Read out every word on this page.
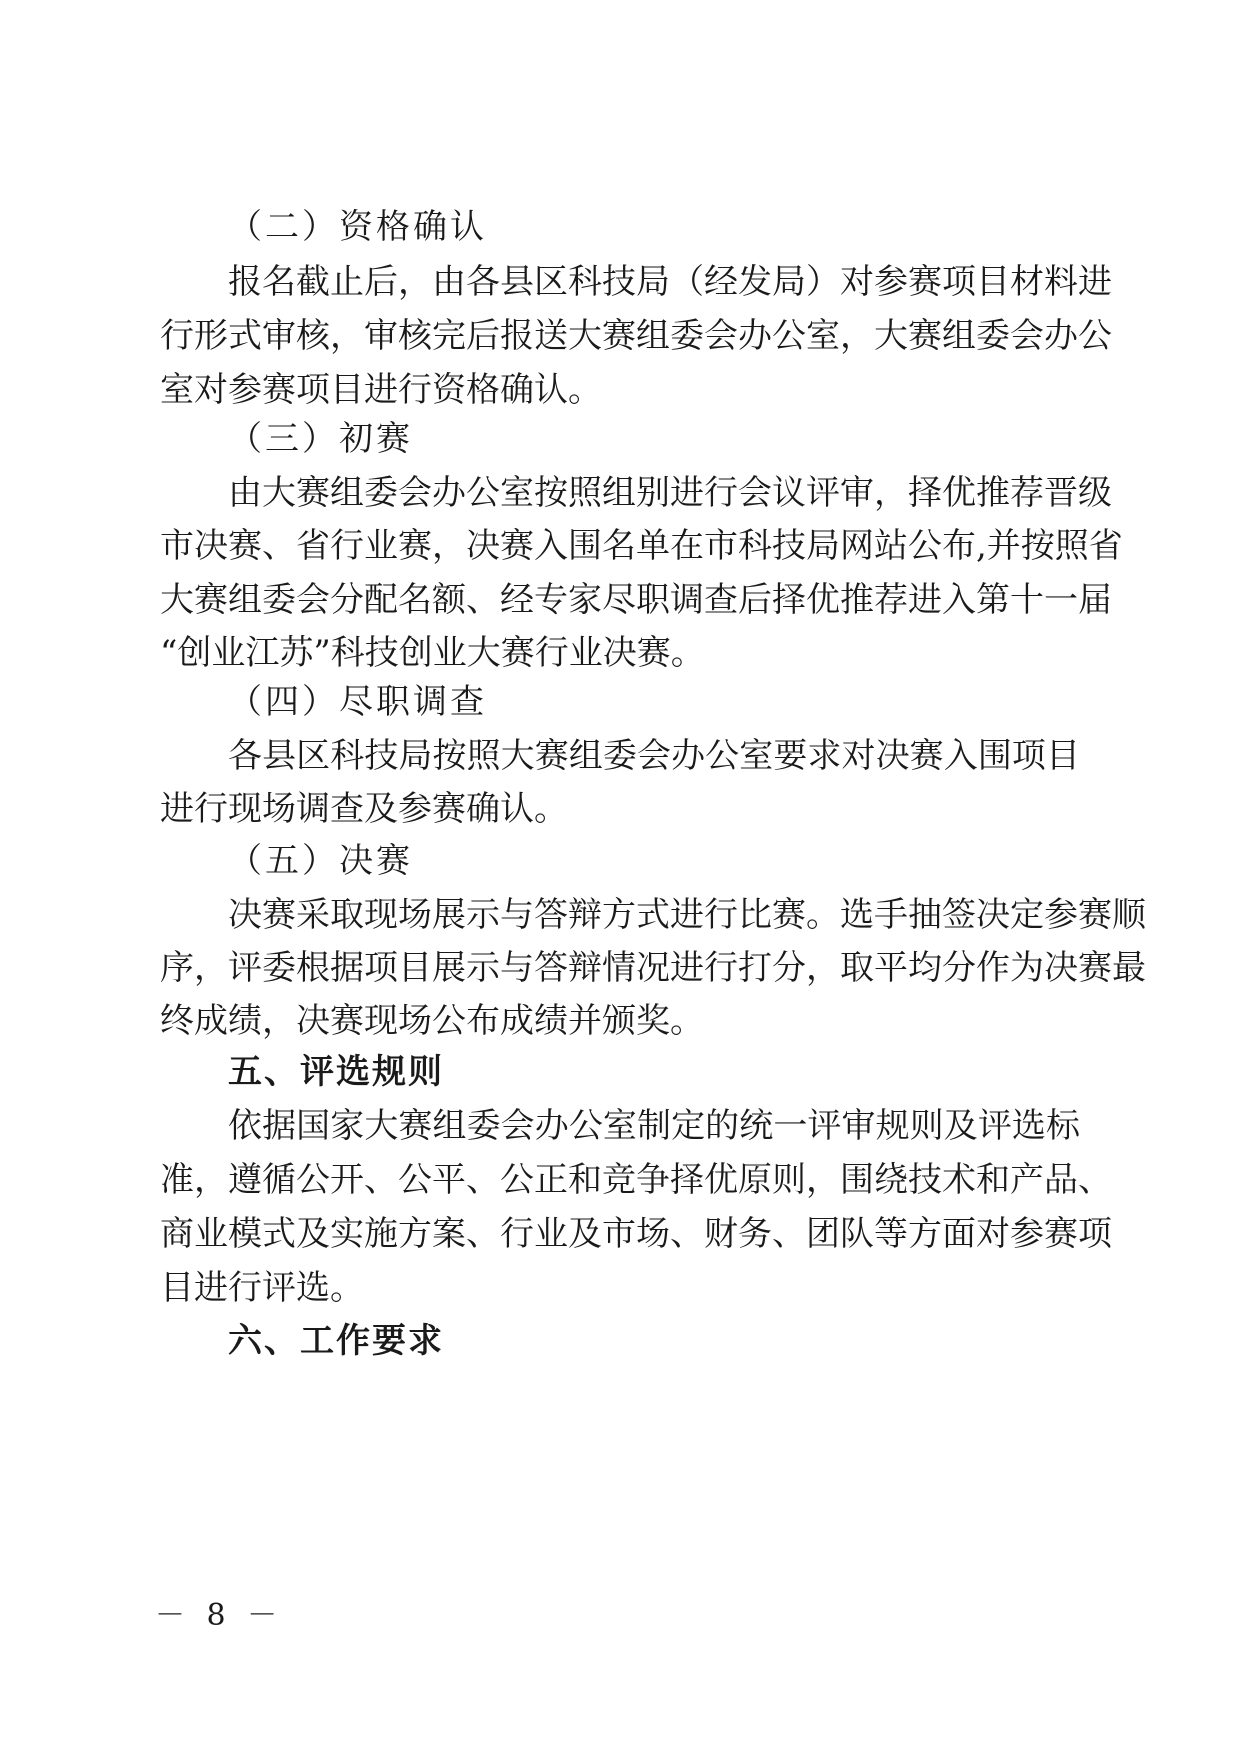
（二）资格确认
报名截止后，由各县区科技局（经发局）对参赛项目材料进
行形式审核，审核完后报送大赛组委会办公室，大赛组委会办公
室对参赛项目进行资格确认。
（三）初赛
由大赛组委会办公室按照组别进行会议评审，择优推荐晋级
市决赛、省行业赛，决赛入围名单在市科技局网站公布,并按照省
大赛组委会分配名额、经专家尽职调查后择优推荐进入第十一届
“创业江苏”科技创业大赛行业决赛。
（四）尽职调查
各县区科技局按照大赛组委会办公室要求对决赛入围项目
进行现场调查及参赛确认。
（五）决赛
决赛采取现场展示与答辩方式进行比赛。选手抽签决定参赛顺
序，评委根据项目展示与答辩情况进行打分，取平均分作为决赛最
终成绩，决赛现场公布成绩并颁奖。
五、评选规则
依据国家大赛组委会办公室制定的统一评审规则及评选标
准，遵循公开、公平、公正和竞争择优原则，围绕技术和产品、
商业模式及实施方案、行业及市场、财务、团队等方面对参赛项
目进行评选。
六、工作要求
－ 8 －
